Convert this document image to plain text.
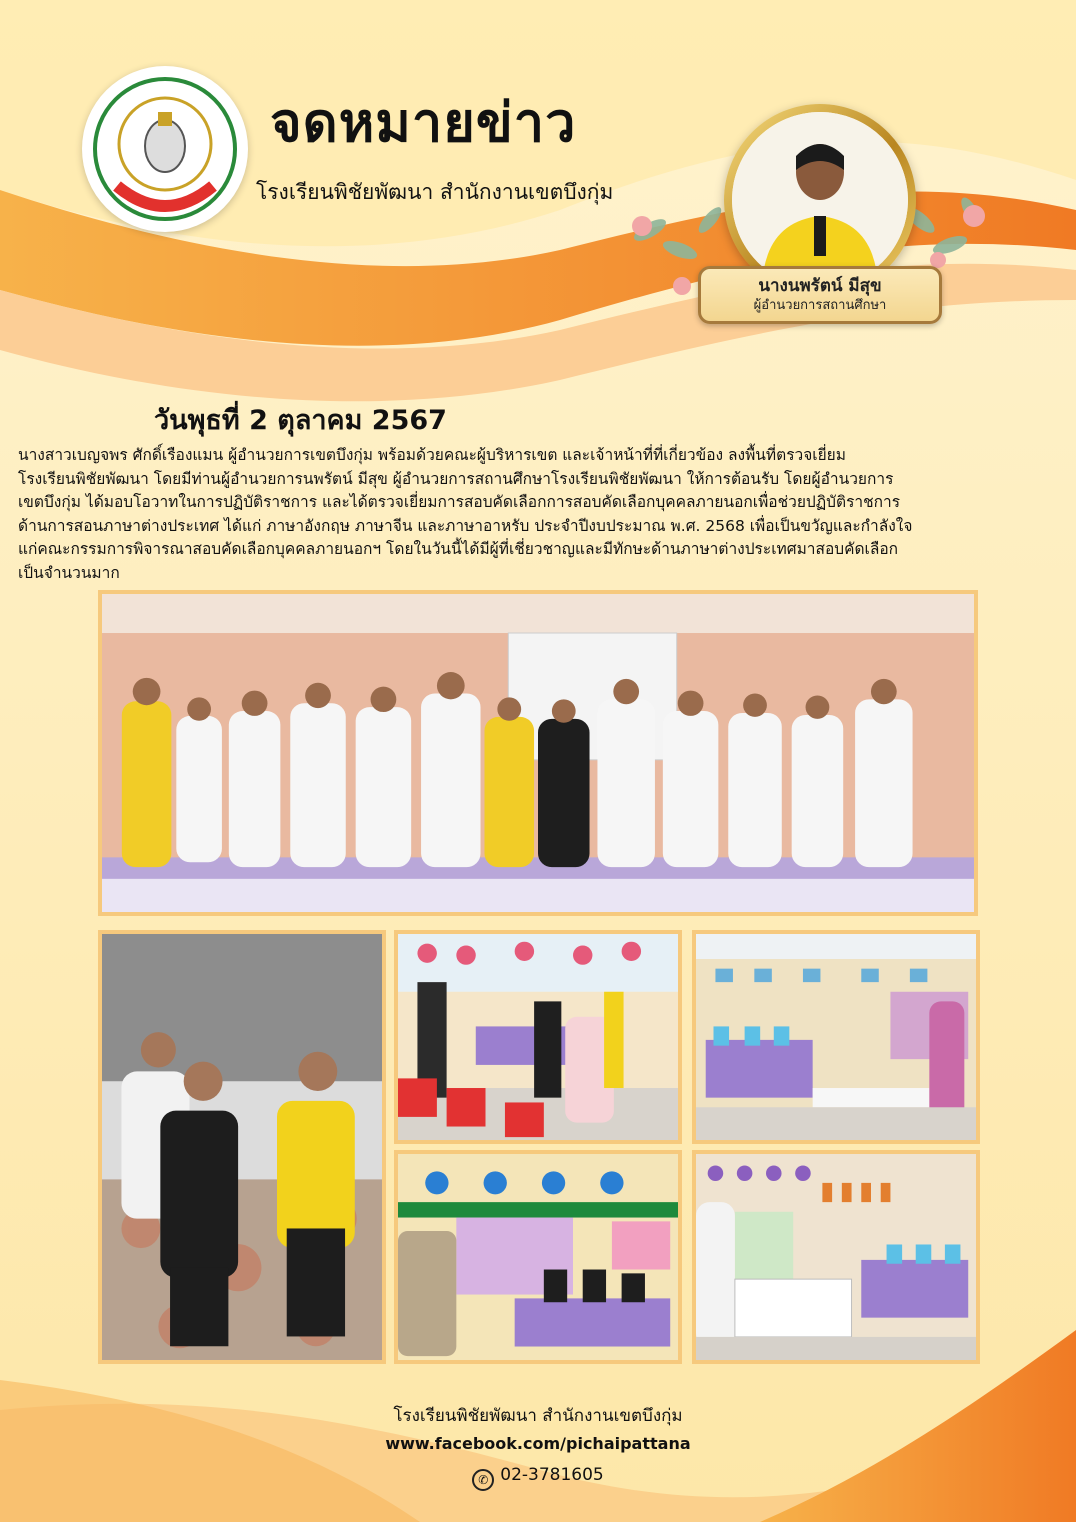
จดหมายข่าว
โรงเรียนพิชัยพัฒนา สำนักงานเขตบึงกุ่ม
นางนพรัตน์ มีสุข
ผู้อำนวยการสถานศึกษา
วันพุธที่ 2 ตุลาคม 2567

นางสาวเบญจพร ศักดิ์เรืองแมน ผู้อำนวยการเขตบึงกุ่ม พร้อมด้วยคณะผู้บริหารเขต และเจ้าหน้าที่ที่เกี่ยวข้อง ลงพื้นที่ตรวจเยี่ยม
โรงเรียนพิชัยพัฒนา โดยมีท่านผู้อำนวยการนพรัตน์ มีสุข ผู้อำนวยการสถานศึกษาโรงเรียนพิชัยพัฒนา ให้การต้อนรับ โดยผู้อำนวยการ
เขตบึงกุ่ม ได้มอบโอวาทในการปฏิบัติราชการ และได้ตรวจเยี่ยมการสอบคัดเลือกการสอบคัดเลือกบุคคลภายนอกเพื่อช่วยปฏิบัติราชการ
ด้านการสอนภาษาต่างประเทศ ได้แก่ ภาษาอังกฤษ ภาษาจีน และภาษาอาหรับ ประจำปีงบประมาณ พ.ศ. 2568 เพื่อเป็นขวัญและกำลังใจ
แก่คณะกรรมการพิจารณาสอบคัดเลือกบุคคลภายนอกฯ โดยในวันนี้ได้มีผู้ที่เชี่ยวชาญและมีทักษะด้านภาษาต่างประเทศมาสอบคัดเลือก
เป็นจำนวนมาก

โรงเรียนพิชัยพัฒนา สำนักงานเขตบึงกุ่ม
www.facebook.com/pichaipattana
✆ 02-3781605
